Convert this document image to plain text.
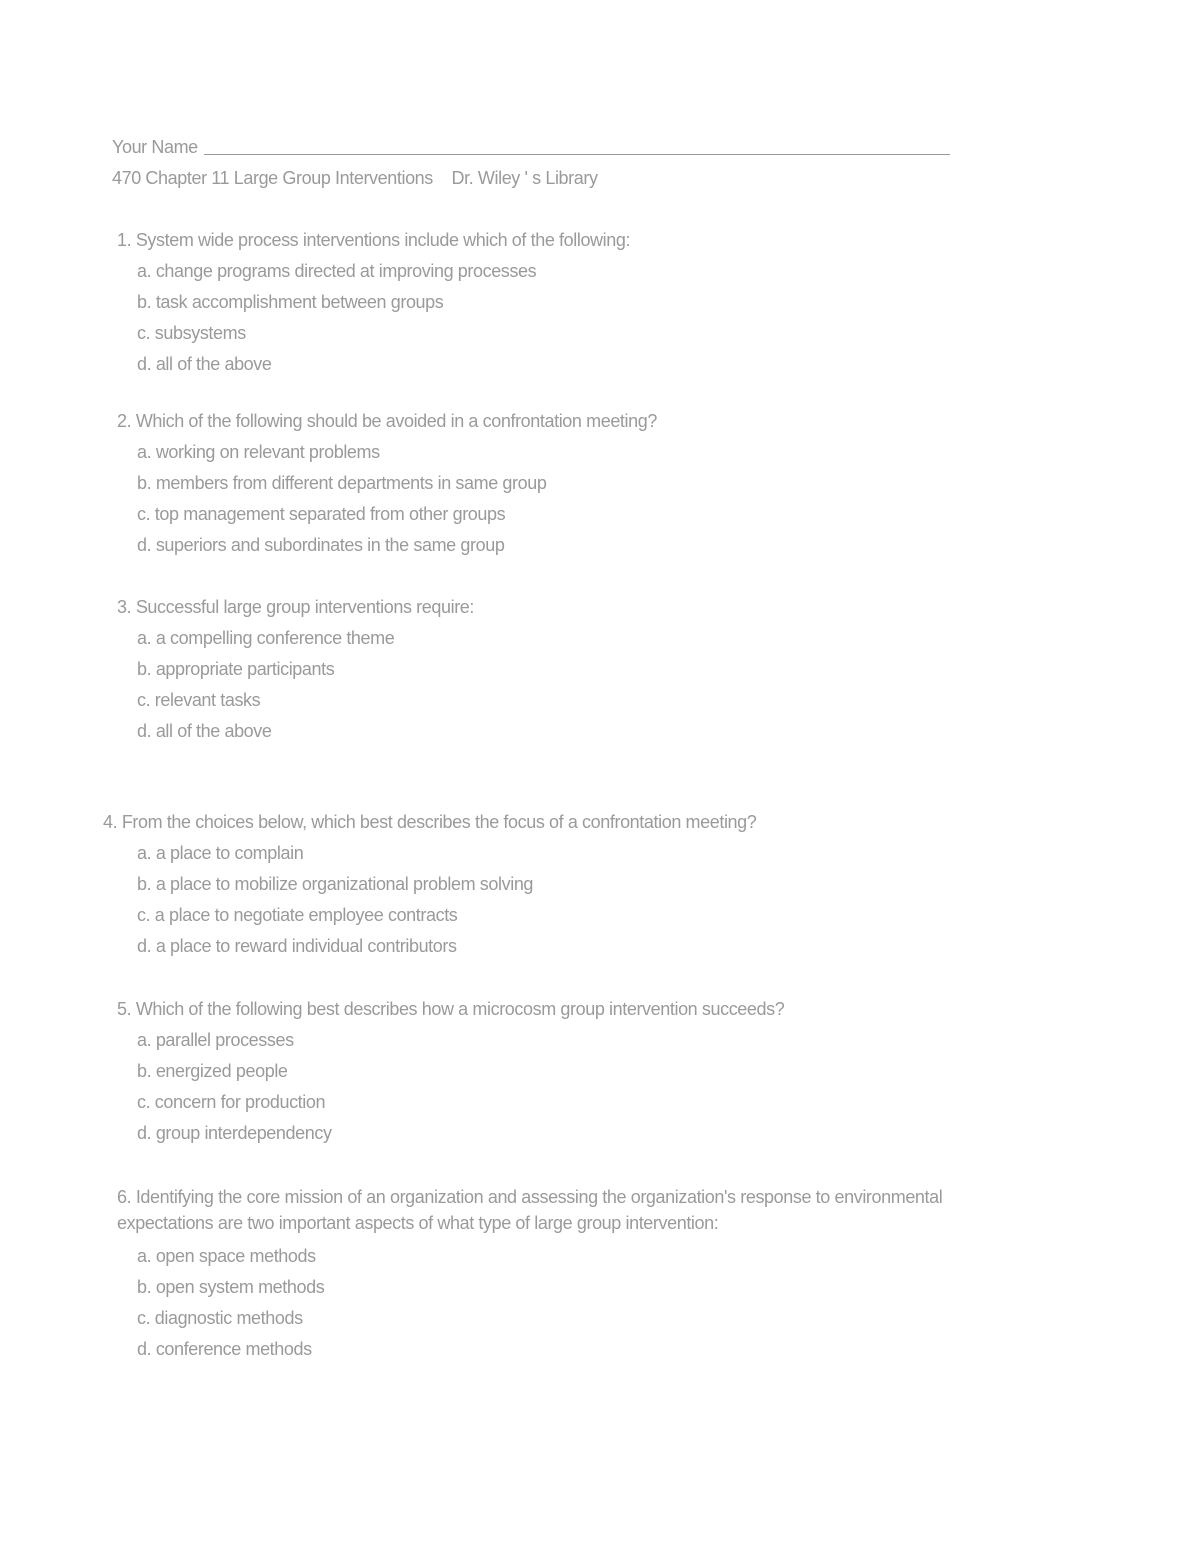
Your Name
470 Chapter 11 Large Group Interventions Dr. Wiley ' s Library
1. System wide process interventions include which of the following:
a. change programs directed at improving processes
b. task accomplishment between groups
c. subsystems
d. all of the above
2. Which of the following should be avoided in a confrontation meeting?
a. working on relevant problems
b. members from different departments in same group
c. top management separated from other groups
d. superiors and subordinates in the same group
3. Successful large group interventions require:
a. a compelling conference theme
b. appropriate participants
c. relevant tasks
d. all of the above
4. From the choices below, which best describes the focus of a confrontation meeting?
a. a place to complain
b. a place to mobilize organizational problem solving
c. a place to negotiate employee contracts
d. a place to reward individual contributors
5. Which of the following best describes how a microcosm group intervention succeeds?
a. parallel processes
b. energized people
c. concern for production
d. group interdependency
6. Identifying the core mission of an organization and assessing the organization's response to environmental expectations are two important aspects of what type of large group intervention:
a. open space methods
b. open system methods
c. diagnostic methods
d. conference methods
